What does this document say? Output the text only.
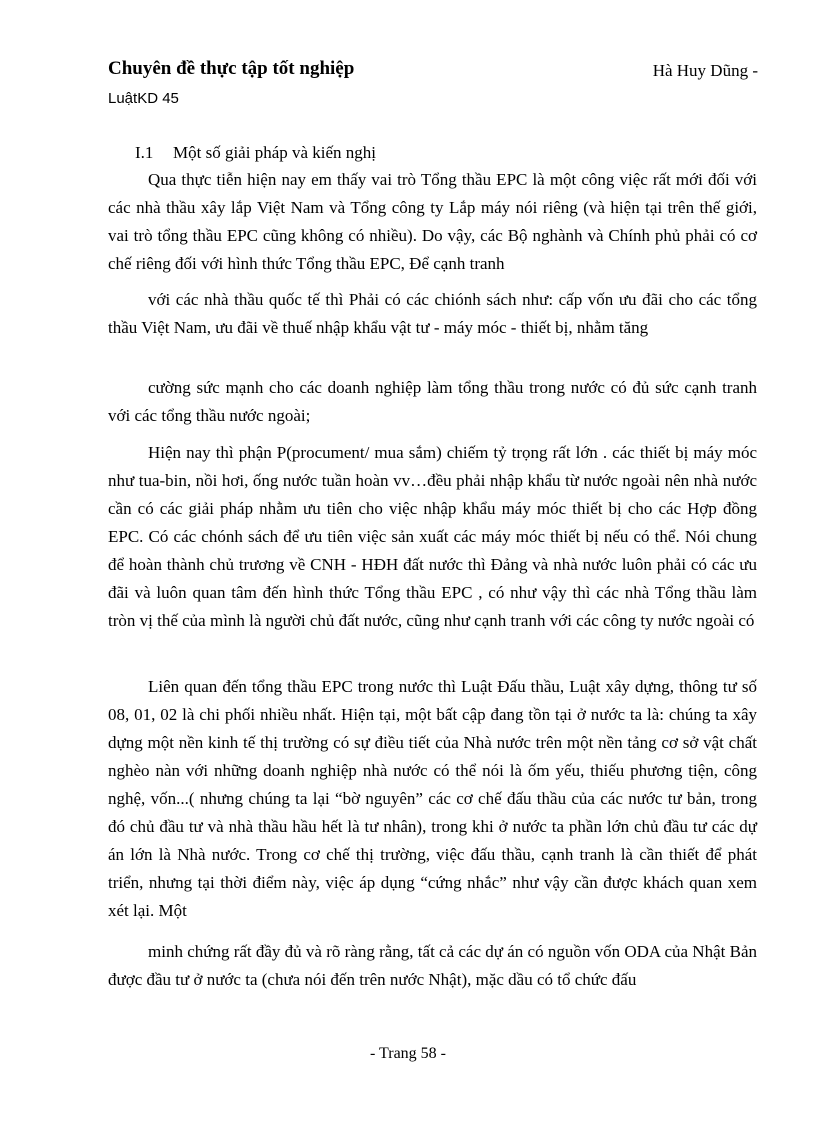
Chuyên đề thực tập tốt nghiệp	Hà Huy Dũng -
LuậtKD 45
I.1 Một số giải pháp và kiến nghị
Qua thực tiễn hiện nay em thấy vai trò Tổng thầu EPC là một công việc rất mới đối với các nhà thầu xây lắp Việt Nam và Tổng công ty Lắp máy nói riêng (và hiện tại trên thế giới, vai trò tổng thầu EPC cũng không có nhiều). Do vậy, các Bộ nghành và Chính phủ phải có cơ chế riêng đối với hình thức Tổng thầu EPC, Để cạnh tranh
với các nhà thầu quốc tế thì Phải có các chiónh sách như: cấp vốn ưu đãi cho các tổng thầu Việt Nam, ưu đãi về thuế nhập khẩu vật tư - máy móc - thiết bị, nhằm tăng
cường sức mạnh cho các doanh nghiệp làm tổng thầu trong nước có đủ sức cạnh tranh với các tổng thầu nước ngoài;
Hiện nay thì phận P(procument/ mua sắm) chiếm tỷ trọng rất lớn . các thiết bị máy móc như tua-bin, nồi hơi, ống nước tuần hoàn vv…đều phải nhập khẩu từ nước ngoài nên nhà nước cần có các giải pháp nhằm ưu tiên cho việc nhập khẩu máy móc thiết bị cho các Hợp đồng EPC. Có các chónh sách để ưu tiên việc sản xuất các máy móc thiết bị nếu có thể. Nói chung để hoàn thành chủ trương về CNH - HĐH đất nước thì Đảng và nhà nước luôn phải có các ưu đãi và luôn quan tâm đến hình thức Tổng thầu EPC , có như vậy thì các nhà Tổng thầu làm tròn vị thế của mình là người chủ đất nước, cũng như cạnh tranh với các công ty nước ngoài có
Liên quan đến tổng thầu EPC trong nước thì Luật Đấu thầu, Luật xây dựng, thông tư số 08, 01, 02 là chi phối nhiều nhất. Hiện tại, một bất cập đang tồn tại ở nước ta là: chúng ta xây dựng một nền kinh tế thị trường có sự điều tiết của Nhà nước trên một nền tảng cơ sở vật chất nghèo nàn với những doanh nghiệp nhà nước có thể nói là ốm yếu, thiếu phương tiện, công nghệ, vốn...( nhưng chúng ta lại “bờ nguyên” các cơ chế đấu thầu của các nước tư bản, trong đó chủ đầu tư và nhà thầu hầu hết là tư nhân), trong khi ở nước ta phần lớn chủ đầu tư các dự án lớn là Nhà nước. Trong cơ chế thị trường, việc đấu thầu, cạnh tranh là cần thiết để phát triển, nhưng tại thời điểm này, việc áp dụng “cứng nhắc” như vậy cần được khách quan xem xét lại. Một
minh chứng rất đầy đủ và rõ ràng rằng, tất cả các dự án có nguồn vốn ODA của Nhật Bản được đầu tư ở nước ta (chưa nói đến trên nước Nhật), mặc dầu có tổ chức đấu
- Trang 58 -
